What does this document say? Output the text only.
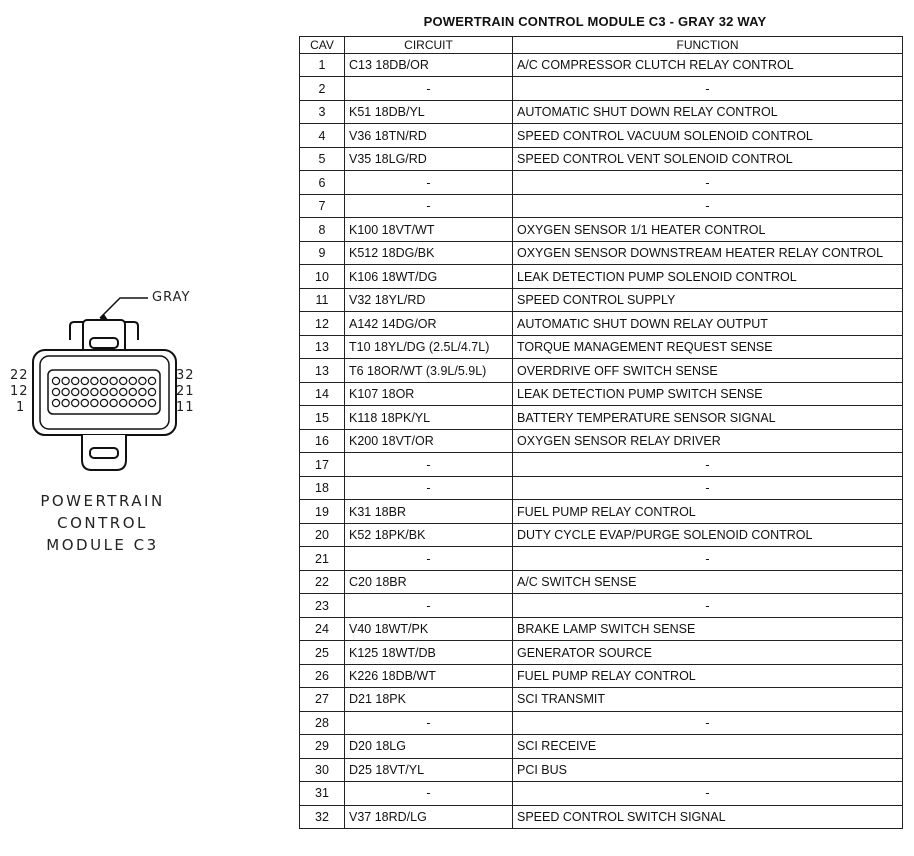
GRAY
22
12
1
32
21
11
POWERTRAIN
CONTROL
MODULE C3
POWERTRAIN CONTROL MODULE C3 - GRAY 32 WAY
CAV	CIRCUIT	FUNCTION
1	C13 18DB/OR	A/C COMPRESSOR CLUTCH RELAY CONTROL
2	-	-
3	K51 18DB/YL	AUTOMATIC SHUT DOWN RELAY CONTROL
4	V36 18TN/RD	SPEED CONTROL VACUUM SOLENOID CONTROL
5	V35 18LG/RD	SPEED CONTROL VENT SOLENOID CONTROL
6	-	-
7	-	-
8	K100 18VT/WT	OXYGEN SENSOR 1/1 HEATER CONTROL
9	K512 18DG/BK	OXYGEN SENSOR DOWNSTREAM HEATER RELAY CONTROL
10	K106 18WT/DG	LEAK DETECTION PUMP SOLENOID CONTROL
11	V32 18YL/RD	SPEED CONTROL SUPPLY
12	A142 14DG/OR	AUTOMATIC SHUT DOWN RELAY OUTPUT
13	T10 18YL/DG (2.5L/4.7L)	TORQUE MANAGEMENT REQUEST SENSE
13	T6 18OR/WT (3.9L/5.9L)	OVERDRIVE OFF SWITCH SENSE
14	K107 18OR	LEAK DETECTION PUMP SWITCH SENSE
15	K118 18PK/YL	BATTERY TEMPERATURE SENSOR SIGNAL
16	K200 18VT/OR	OXYGEN SENSOR RELAY DRIVER
17	-	-
18	-	-
19	K31 18BR	FUEL PUMP RELAY CONTROL
20	K52 18PK/BK	DUTY CYCLE EVAP/PURGE SOLENOID CONTROL
21	-	-
22	C20 18BR	A/C SWITCH SENSE
23	-	-
24	V40 18WT/PK	BRAKE LAMP SWITCH SENSE
25	K125 18WT/DB	GENERATOR SOURCE
26	K226 18DB/WT	FUEL PUMP RELAY CONTROL
27	D21 18PK	SCI TRANSMIT
28	-	-
29	D20 18LG	SCI RECEIVE
30	D25 18VT/YL	PCI BUS
31	-	-
32	V37 18RD/LG	SPEED CONTROL SWITCH SIGNAL
